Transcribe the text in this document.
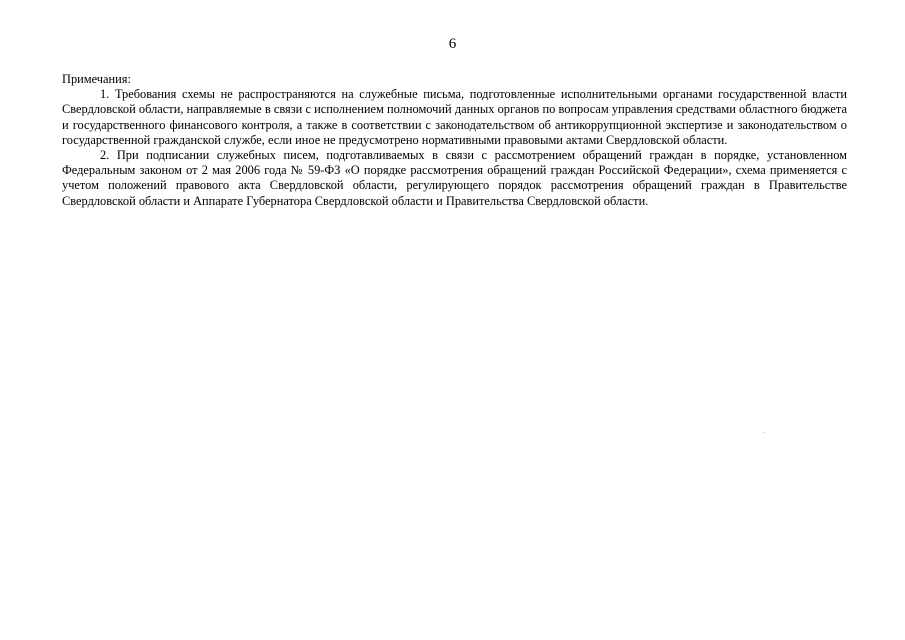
6

Примечания:

1. Требования схемы не распространяются на служебные письма, подготовленные исполнительными органами государственной власти Свердловской области, направляемые в связи с исполнением полномочий данных органов по вопросам управления средствами областного бюджета и государственного финансового контроля, а также в соответствии с законодательством об антикоррупционной экспертизе и законодательством о государственной гражданской службе, если иное не предусмотрено нормативными правовыми актами Свердловской области.

2. При подписании служебных писем, подготавливаемых в связи с рассмотрением обращений граждан в порядке, установленном Федеральным законом от 2 мая 2006 года № 59-ФЗ «О порядке рассмотрения обращений граждан Российской Федерации», схема применяется с учетом положений правового акта Свердловской области, регулирующего порядок рассмотрения обращений граждан в Правительстве Свердловской области и Аппарате Губернатора Свердловской области и Правительства Свердловской области.
